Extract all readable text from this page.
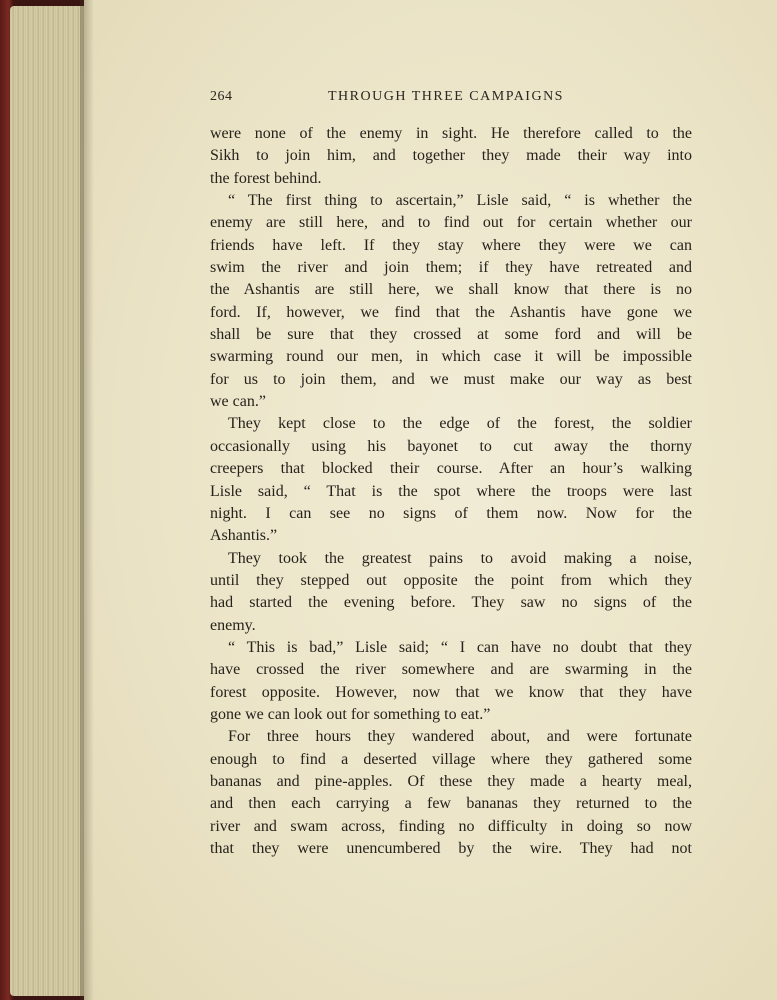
264	THROUGH THREE CAMPAIGNS
were none of the enemy in sight. He therefore called to the
Sikh to join him, and together they made their way into
the forest behind.
“ The first thing to ascertain,” Lisle said, “ is whether the
enemy are still here, and to find out for certain whether our
friends have left. If they stay where they were we can
swim the river and join them; if they have retreated and
the Ashantis are still here, we shall know that there is no
ford. If, however, we find that the Ashantis have gone we
shall be sure that they crossed at some ford and will be
swarming round our men, in which case it will be impossible
for us to join them, and we must make our way as best
we can.”
They kept close to the edge of the forest, the soldier
occasionally using his bayonet to cut away the thorny
creepers that blocked their course. After an hour’s walking
Lisle said, “ That is the spot where the troops were last
night. I can see no signs of them now. Now for the
Ashantis.”
They took the greatest pains to avoid making a noise,
until they stepped out opposite the point from which they
had started the evening before. They saw no signs of the
enemy.
“ This is bad,” Lisle said; “ I can have no doubt that they
have crossed the river somewhere and are swarming in the
forest opposite. However, now that we know that they have
gone we can look out for something to eat.”
For three hours they wandered about, and were fortunate
enough to find a deserted village where they gathered some
bananas and pine-apples. Of these they made a hearty meal,
and then each carrying a few bananas they returned to the
river and swam across, finding no difficulty in doing so now
that they were unencumbered by the wire. They had not
